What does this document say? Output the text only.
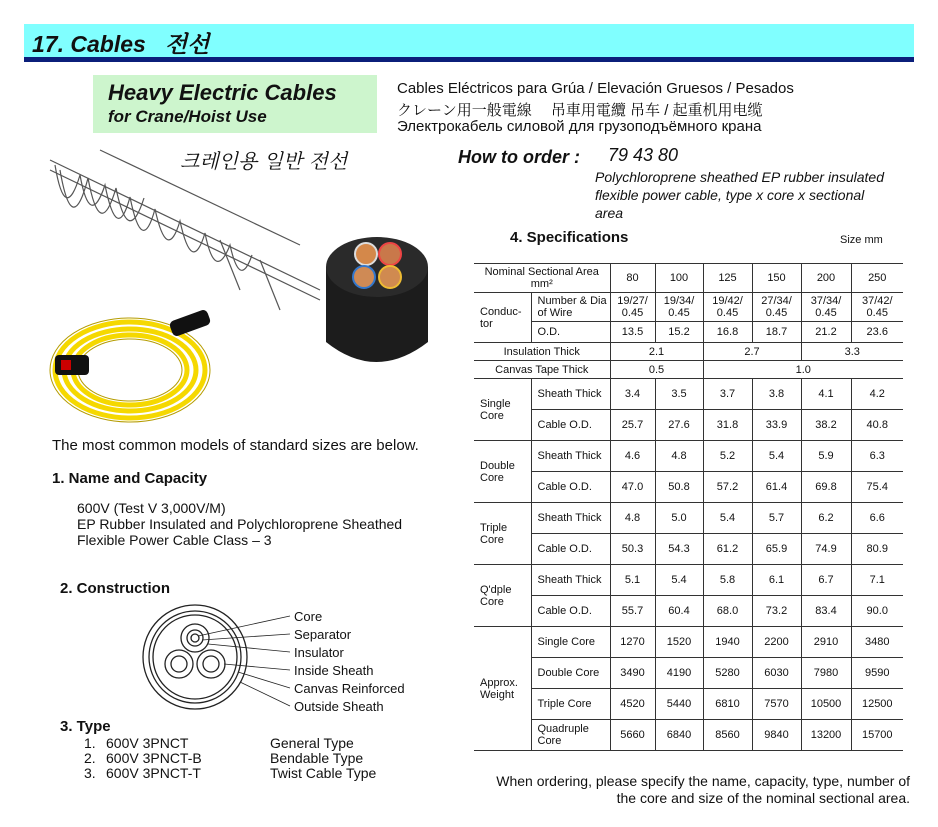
17. Cables   전선
Heavy Electric Cables
for Crane/Hoist Use
크레인용 일반 전선
Cables Eléctricos para Grúa / Elevación Gruesos / Pesados
クレーン用一般電線　 吊車用電纜 吊车 / 起重机用电缆
Электрокабель силовой для грузоподъёмного крана
How to order : 79 43 80
Polychloroprene sheathed EP rubber insulated flexible power cable, type x core x sectional area
The most common models of standard sizes are below.
1. Name and Capacity
600V (Test V 3,000V/M)
EP Rubber Insulated and Polychloroprene Sheathed
Flexible Power Cable Class – 3
2. Construction
Core
Separator
Insulator
Inside Sheath
Canvas Reinforced
Outside Sheath
3. Type
1. 600V 3PNCT	General Type
2. 600V 3PNCT-B	Bendable Type
3. 600V 3PNCT-T	Twist Cable Type
4. Specifications	Size mm
Nominal Sectional Area mm²		80	100	125	150	200	250
Conduc-tor	Number & Dia of Wire	19/27/ 0.45	19/34/ 0.45	19/42/ 0.45	27/34/ 0.45	37/34/ 0.45	37/42/ 0.45
	O.D.	13.5	15.2	16.8	18.7	21.2	23.6
Insulation Thick		2.1		2.7		3.3	
Canvas Tape Thick		0.5		1.0			
Single Core	Sheath Thick	3.4	3.5	3.7	3.8	4.1	4.2
	Cable O.D.	25.7	27.6	31.8	33.9	38.2	40.8
Double Core	Sheath Thick	4.6	4.8	5.2	5.4	5.9	6.3
	Cable O.D.	47.0	50.8	57.2	61.4	69.8	75.4
Triple Core	Sheath Thick	4.8	5.0	5.4	5.7	6.2	6.6
	Cable O.D.	50.3	54.3	61.2	65.9	74.9	80.9
Q'dple Core	Sheath Thick	5.1	5.4	5.8	6.1	6.7	7.1
	Cable O.D.	55.7	60.4	68.0	73.2	83.4	90.0
Approx. Weight	Single Core	1270	1520	1940	2200	2910	3480
	Double Core	3490	4190	5280	6030	7980	9590
	Triple Core	4520	5440	6810	7570	10500	12500
	Quadruple Core	5660	6840	8560	9840	13200	15700
When ordering, please specify the name, capacity, type, number of the core and size of the nominal sectional area.
